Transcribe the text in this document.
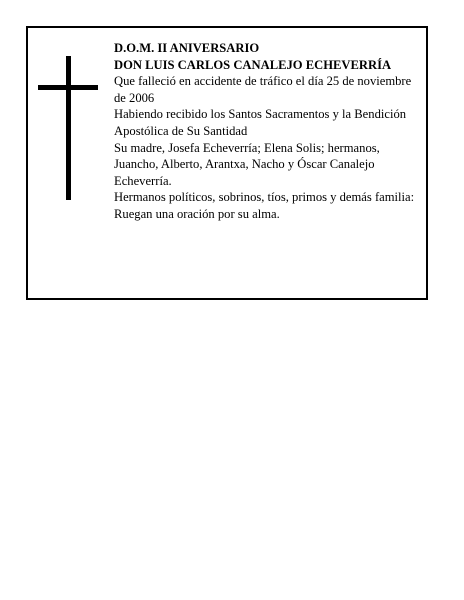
D.O.M. II ANIVERSARIO
DON LUIS CARLOS CANALEJO ECHEVERRÍA

Que falleció en accidente de tráfico el día 25 de noviembre de 2006

Habiendo recibido los Santos Sacramentos y la Bendición Apostólica de Su Santidad

Su madre, Josefa Echeverría; Elena Solis; hermanos, Juancho, Alberto, Arantxa, Nacho y Óscar Canalejo Echeverría.

Hermanos políticos, sobrinos, tíos, primos y demás familia:

Ruegan una oración por su alma.
